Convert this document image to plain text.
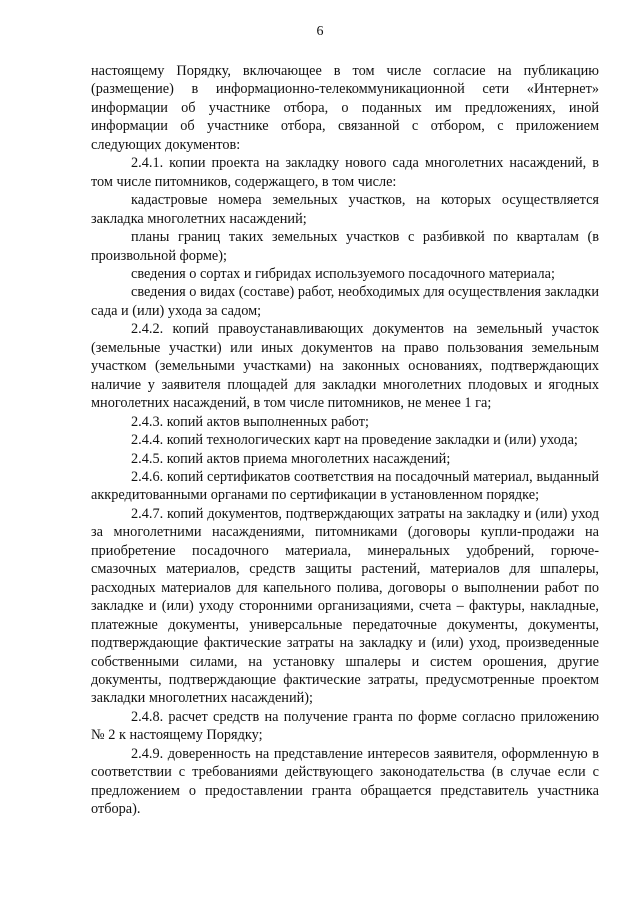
6

настоящему Порядку, включающее в том числе согласие на публикацию (размещение) в информационно-телекоммуникационной сети «Интернет» информации об участнике отбора, о поданных им предложениях, иной информации об участнике отбора, связанной с отбором, с приложением следующих документов:

2.4.1. копии проекта на закладку нового сада многолетних насаждений, в том числе питомников, содержащего, в том числе:

кадастровые номера земельных участков, на которых осуществляется закладка многолетних насаждений;

планы границ таких земельных участков с разбивкой по кварталам (в произвольной форме);

сведения о сортах и гибридах используемого посадочного материала;

сведения о видах (составе) работ, необходимых для осуществления закладки сада и (или) ухода за садом;

2.4.2. копий правоустанавливающих документов на земельный участок (земельные участки) или иных документов на право пользования земельным участком (земельными участками) на законных основаниях, подтверждающих наличие у заявителя площадей для закладки многолетних плодовых и ягодных многолетних насаждений, в том числе питомников, не менее 1 га;

2.4.3. копий актов выполненных работ;

2.4.4. копий технологических карт на проведение закладки и (или) ухода;

2.4.5. копий актов приема многолетних насаждений;

2.4.6. копий сертификатов соответствия на посадочный материал, выданный аккредитованными органами по сертификации в установленном порядке;

2.4.7. копий документов, подтверждающих затраты на закладку и (или) уход за многолетними насаждениями, питомниками (договоры купли-продажи на приобретение посадочного материала, минеральных удобрений, горюче-смазочных материалов, средств защиты растений, материалов для шпалеры, расходных материалов для капельного полива, договоры о выполнении работ по закладке и (или) уходу сторонними организациями, счета – фактуры, накладные, платежные документы, универсальные передаточные документы, документы, подтверждающие фактические затраты на закладку и (или) уход, произведенные собственными силами, на установку шпалеры и систем орошения, другие документы, подтверждающие фактические затраты, предусмотренные проектом закладки многолетних насаждений);

2.4.8. расчет средств на получение гранта по форме согласно приложению № 2 к настоящему Порядку;

2.4.9. доверенность на представление интересов заявителя, оформленную в соответствии с требованиями действующего законодательства (в случае если с предложением о предоставлении гранта обращается представитель участника отбора).
